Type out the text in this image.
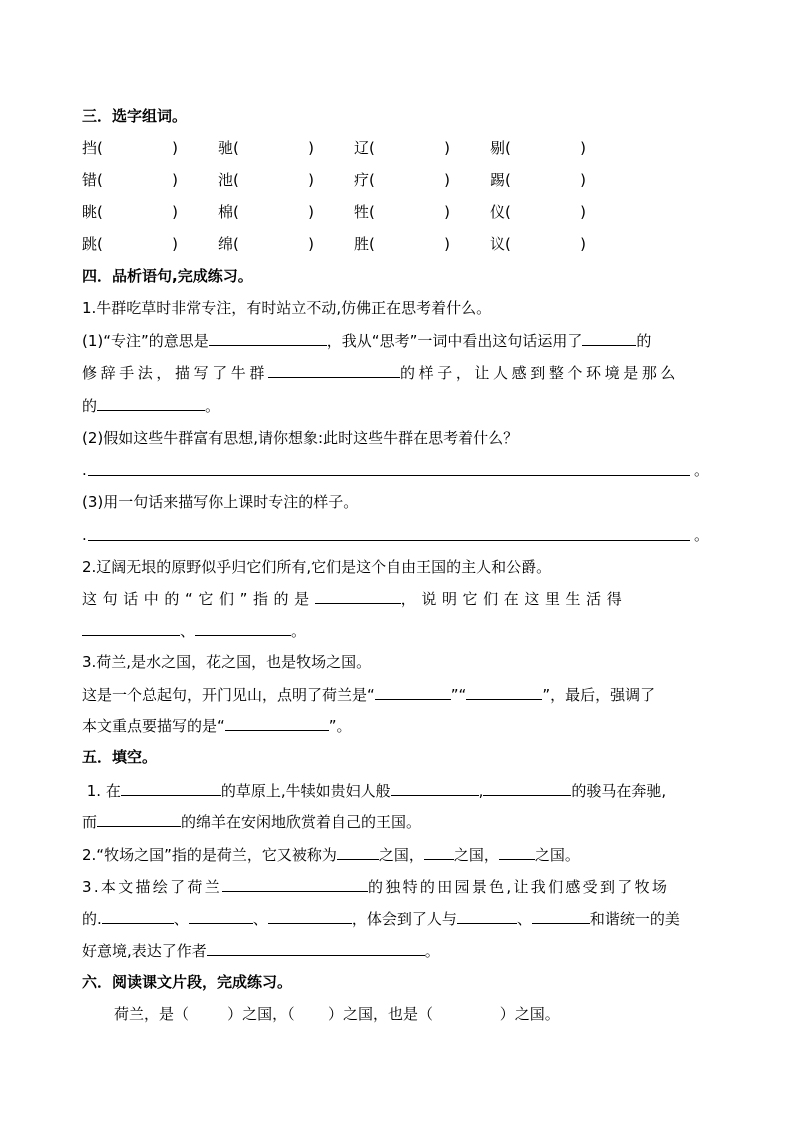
三．选字组词。
挡(	)	驰(	)	辽(	)	剔(	)
错(	)	池(	)	疗(	)	踢(	)
眺(	)	棉(	)	牲(	)	仪(	)
跳(	)	绵(	)	胜(	)	议(	)
四．品析语句,完成练习。
1.牛群吃草时非常专注，有时站立不动,仿佛正在思考着什么。
(1)“专注”的意思是	，我从“思考”一词中看出这句话运用了	的
修辞手法，描写了牛群	的样子，让人感到整个环境是那么
的	。
(2)假如这些牛群富有思想,请你想象:此时这些牛群在思考着什么？
.	。
(3)用一句话来描写你上课时专注的样子。
.	。
2.辽阔无垠的原野似乎归它们所有,它们是这个自由王国的主人和公爵。
这句话中的“它们”指的是	，说明它们在这里生活得
、	。
3.荷兰,是水之国，花之国，也是牧场之国。
这是一个总起句，开门见山，点明了荷兰是“	”“	”，最后，强调了
本文重点要描写的是“	”。
五．填空。
1. 在	的草原上,牛犊如贵妇人般	,	的骏马在奔驰,
而	的绵羊在安闲地欣赏着自己的王国。
2.“牧场之国”指的是荷兰，它又被称为	之国， 之国， 之国。
3.本文描绘了荷兰	的独特的田园景色,让我们感受到了牧场
的.	、	、	，体会到了人与	、	和谐统一的美
好意境,表达了作者	。
六．阅读课文片段，完成练习。
荷兰，是（        ）之国，（       ）之国，也是（              ）之国。
